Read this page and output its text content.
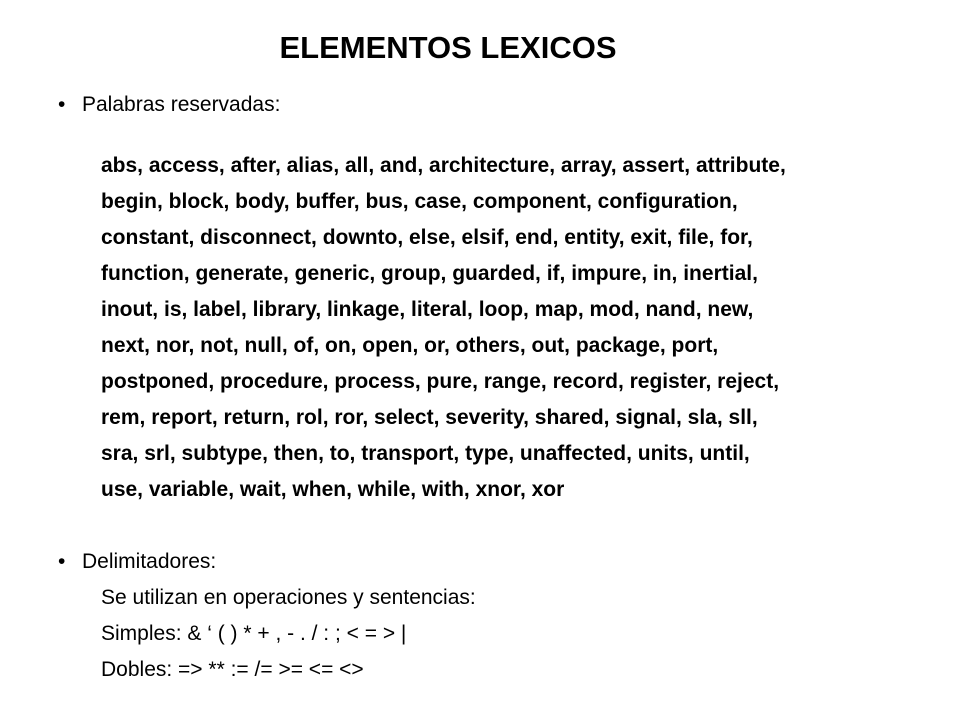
ELEMENTOS LEXICOS
• Palabras reservadas:
abs, access, after, alias, all, and, architecture, array, assert, attribute,
begin, block, body, buffer, bus, case, component, configuration,
constant, disconnect, downto, else, elsif, end, entity, exit, file, for,
function, generate, generic, group, guarded, if, impure, in, inertial,
inout, is, label, library, linkage, literal, loop, map, mod, nand, new,
next, nor, not, null, of, on, open, or, others, out, package, port,
postponed, procedure, process, pure, range, record, register, reject,
rem, report, return, rol, ror, select, severity, shared, signal, sla, sll,
sra, srl, subtype, then, to, transport, type, unaffected, units, until,
use, variable, wait, when, while, with, xnor, xor
• Delimitadores:
Se utilizan en operaciones y sentencias:
Simples: & ‘ ( ) * + , - . / : ; < = > |
Dobles: => ** := /= >= <= <>
